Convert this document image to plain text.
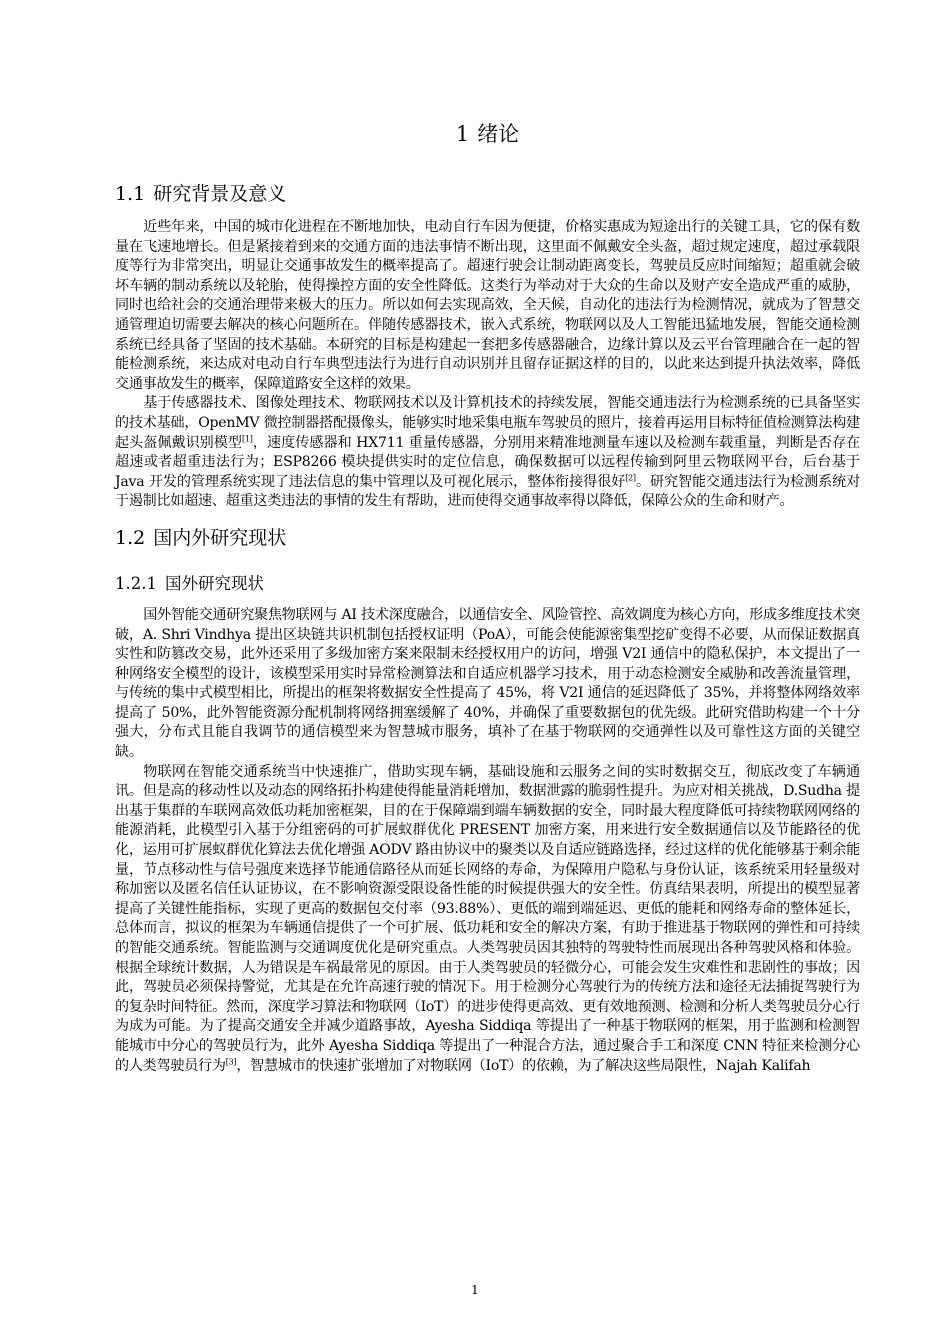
1 绪论
1.1 研究背景及意义

近些年来，中国的城市化进程在不断地加快，电动自行车因为便捷，价格实惠成为短途出行的关键工具，它的保有数量在飞速地增长。但是紧接着到来的交通方面的违法事情不断出现，这里面不佩戴安全头盔，超过规定速度，超过承载限度等行为非常突出，明显让交通事故发生的概率提高了。超速行驶会让制动距离变长，驾驶员反应时间缩短；超重就会破坏车辆的制动系统以及轮胎，使得操控方面的安全性降低。这类行为举动对于大众的生命以及财产安全造成严重的威胁，同时也给社会的交通治理带来极大的压力。所以如何去实现高效，全天候，自动化的违法行为检测情况，就成为了智慧交通管理迫切需要去解决的核心问题所在。伴随传感器技术，嵌入式系统，物联网以及人工智能迅猛地发展，智能交通检测系统已经具备了坚固的技术基础。本研究的目标是构建起一套把多传感器融合，边缘计算以及云平台管理融合在一起的智能检测系统，来达成对电动自行车典型违法行为进行自动识别并且留存证据这样的目的，以此来达到提升执法效率，降低交通事故发生的概率，保障道路安全这样的效果。

基于传感器技术、图像处理技术、物联网技术以及计算机技术的持续发展，智能交通违法行为检测系统的已具备坚实的技术基础，OpenMV 微控制器搭配摄像头，能够实时地采集电瓶车驾驶员的照片，接着再运用目标特征值检测算法构建起头盔佩戴识别模型[1]，速度传感器和 HX711 重量传感器，分别用来精准地测量车速以及检测车载重量，判断是否存在超速或者超重违法行为；ESP8266 模块提供实时的定位信息，确保数据可以远程传输到阿里云物联网平台，后台基于 Java 开发的管理系统实现了违法信息的集中管理以及可视化展示，整体衔接得很好[2]。研究智能交通违法行为检测系统对于遏制比如超速、超重这类违法的事情的发生有帮助，进而使得交通事故率得以降低，保障公众的生命和财产。

1.2 国内外研究现状
1.2.1 国外研究现状

国外智能交通研究聚焦物联网与 AI 技术深度融合，以通信安全、风险管控、高效调度为核心方向，形成多维度技术突破，A. Shri Vindhya 提出区块链共识机制包括授权证明（PoA），可能会使能源密集型挖矿变得不必要，从而保证数据真实性和防篡改交易，此外还采用了多级加密方案来限制未经授权用户的访问，增强 V2I 通信中的隐私保护，本文提出了一种网络安全模型的设计，该模型采用实时异常检测算法和自适应机器学习技术，用于动态检测安全威胁和改善流量管理，与传统的集中式模型相比，所提出的框架将数据安全性提高了 45%，将 V2I 通信的延迟降低了 35%，并将整体网络效率提高了 50%，此外智能资源分配机制将网络拥塞缓解了 40%，并确保了重要数据包的优先级。此研究借助构建一个十分强大，分布式且能自我调节的通信模型来为智慧城市服务，填补了在基于物联网的交通弹性以及可靠性这方面的关键空缺。

物联网在智能交通系统当中快速推广，借助实现车辆，基础设施和云服务之间的实时数据交互，彻底改变了车辆通讯。但是高的移动性以及动态的网络拓扑构建使得能量消耗增加，数据泄露的脆弱性提升。为应对相关挑战，D.Sudha 提出基于集群的车联网高效低功耗加密框架，目的在于保障端到端车辆数据的安全，同时最大程度降低可持续物联网网络的能源消耗，此模型引入基于分组密码的可扩展蚁群优化 PRESENT 加密方案，用来进行安全数据通信以及节能路径的优化，运用可扩展蚁群优化算法去优化增强 AODV 路由协议中的聚类以及自适应链路选择，经过这样的优化能够基于剩余能量，节点移动性与信号强度来选择节能通信路径从而延长网络的寿命，为保障用户隐私与身份认证，该系统采用轻量级对称加密以及匿名信任认证协议，在不影响资源受限设备性能的时候提供强大的安全性。仿真结果表明，所提出的模型显著提高了关键性能指标，实现了更高的数据包交付率（93.88%）、更低的端到端延迟、更低的能耗和网络寿命的整体延长，总体而言，拟议的框架为车辆通信提供了一个可扩展、低功耗和安全的解决方案，有助于推进基于物联网的弹性和可持续的智能交通系统。智能监测与交通调度优化是研究重点。人类驾驶员因其独特的驾驶特性而展现出各种驾驶风格和体验。根据全球统计数据，人为错误是车祸最常见的原因。由于人类驾驶员的轻微分心，可能会发生灾难性和悲剧性的事故；因此，驾驶员必须保持警觉，尤其是在允许高速行驶的情况下。用于检测分心驾驶行为的传统方法和途径无法捕捉驾驶行为的复杂时间特征。然而，深度学习算法和物联网（IoT）的进步使得更高效、更有效地预测、检测和分析人类驾驶员分心行为成为可能。为了提高交通安全并减少道路事故，Ayesha Siddiqa 等提出了一种基于物联网的框架，用于监测和检测智能城市中分心的驾驶员行为，此外 Ayesha Siddiqa 等提出了一种混合方法，通过聚合手工和深度 CNN 特征来检测分心的人类驾驶员行为[3]，智慧城市的快速扩张增加了对物联网（IoT）的依赖，为了解决这些局限性，Najah Kalifah

1
